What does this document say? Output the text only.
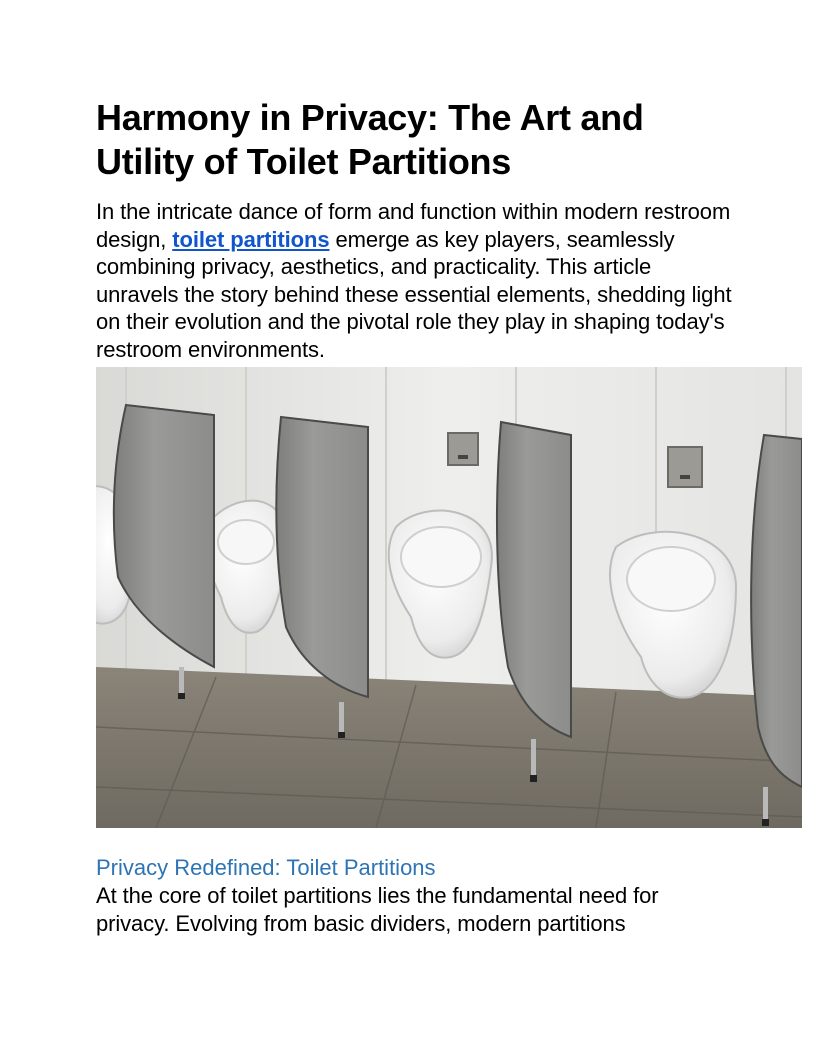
Harmony in Privacy: The Art and Utility of Toilet Partitions

In the intricate dance of form and function within modern restroom design, toilet partitions emerge as key players, seamlessly combining privacy, aesthetics, and practicality. This article unravels the story behind these essential elements, shedding light on their evolution and the pivotal role they play in shaping today's restroom environments.

Privacy Redefined: Toilet Partitions

At the core of toilet partitions lies the fundamental need for privacy. Evolving from basic dividers, modern partitions
